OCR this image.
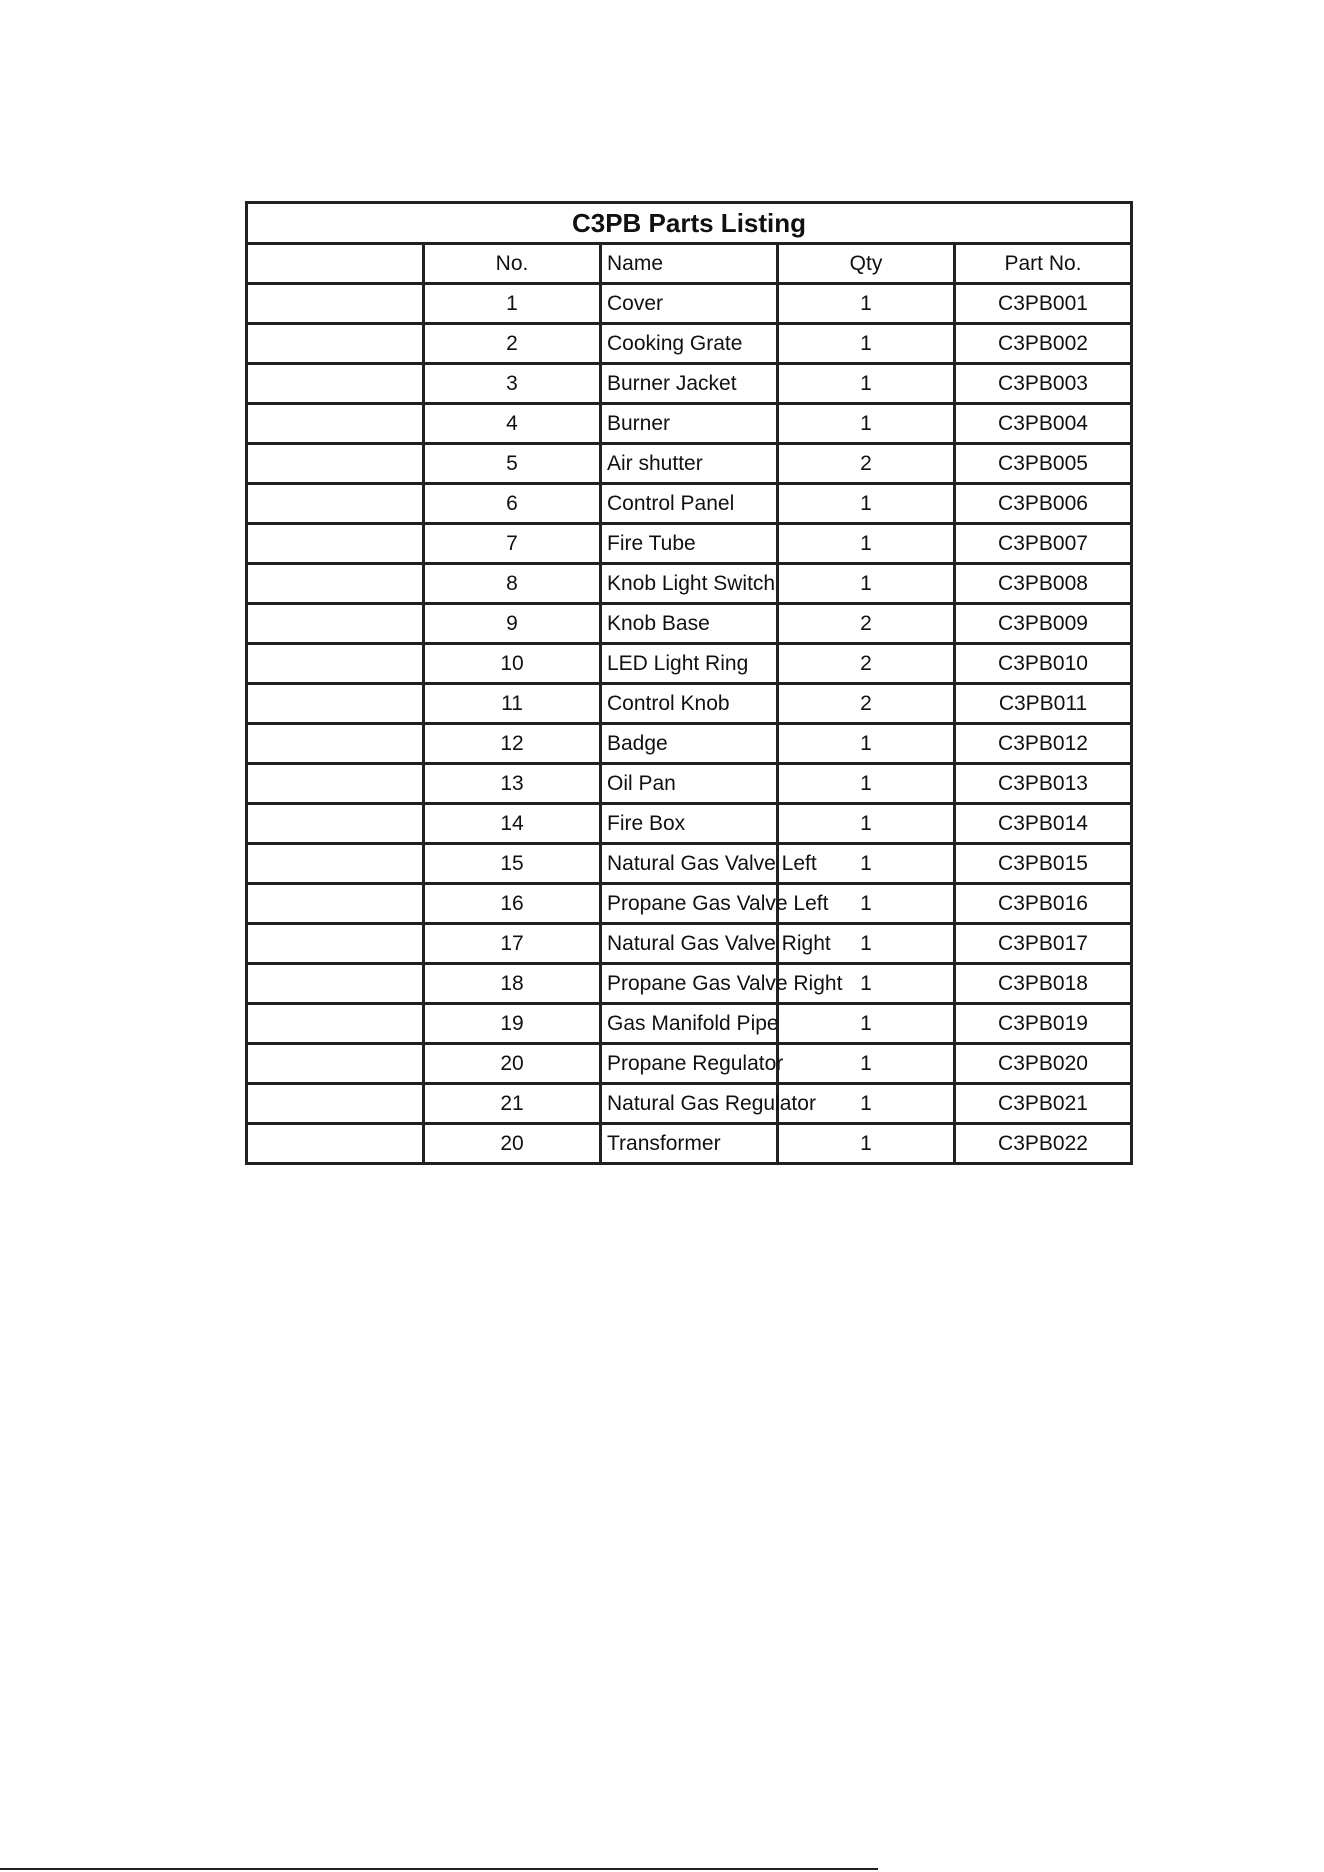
C3PB Parts Listing				
	No.	Name	Qty	Part No.
	1	Cover	1	C3PB001
	2	Cooking Grate	1	C3PB002
	3	Burner Jacket	1	C3PB003
	4	Burner	1	C3PB004
	5	Air shutter	2	C3PB005
	6	Control Panel	1	C3PB006
	7	Fire Tube	1	C3PB007
	8	Knob Light Switch	1	C3PB008
	9	Knob Base	2	C3PB009
	10	LED Light Ring	2	C3PB010
	11	Control Knob	2	C3PB011
	12	Badge	1	C3PB012
	13	Oil Pan	1	C3PB013
	14	Fire Box	1	C3PB014
	15	Natural Gas Valve Left	1	C3PB015
	16	Propane Gas Valve Left	1	C3PB016
	17	Natural Gas Valve Right	1	C3PB017
	18	Propane Gas Valve Right	1	C3PB018
	19	Gas Manifold Pipe	1	C3PB019
	20	Propane Regulator	1	C3PB020
	21	Natural Gas Regulator	1	C3PB021
	20	Transformer	1	C3PB022
